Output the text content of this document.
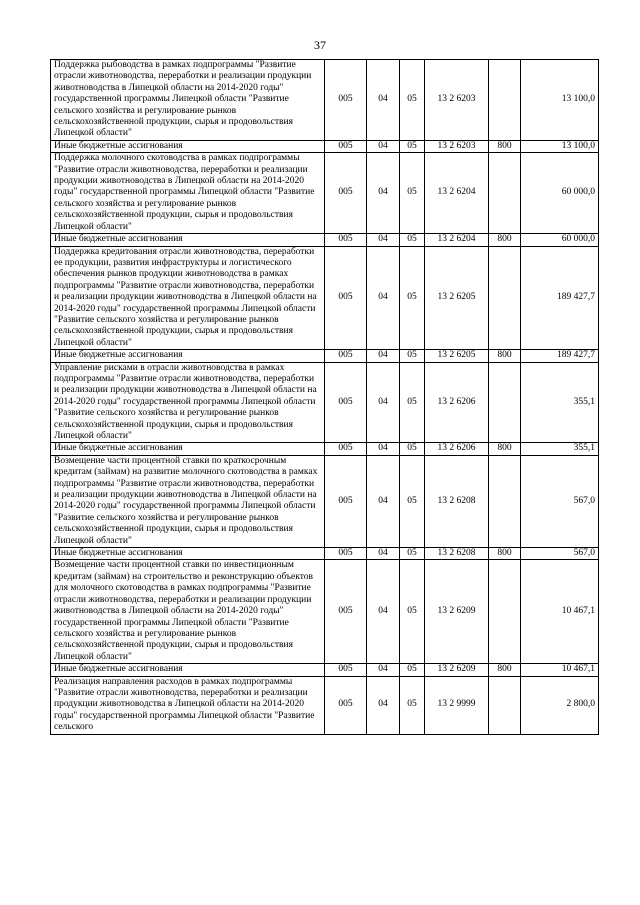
37
Поддержка рыбоводства в рамках подпрограммы "Развитие отрасли животноводства, переработки и реализации продукции животноводства в Липецкой области на 2014-2020 годы" государственной программы Липецкой области "Развитие сельского хозяйства и регулирование рынков сельскохозяйственной продукции, сырья и продовольствия Липецкой области"	005	04	05	13 2 6203		13 100,0
Иные бюджетные ассигнования	005	04	05	13 2 6203	800	13 100,0
Поддержка молочного скотоводства в рамках подпрограммы "Развитие отрасли животноводства, переработки и реализации продукции животноводства в Липецкой области на 2014-2020 годы" государственной программы Липецкой области "Развитие сельского хозяйства и регулирование рынков сельскохозяйственной продукции, сырья и продовольствия Липецкой области"	005	04	05	13 2 6204		60 000,0
Иные бюджетные ассигнования	005	04	05	13 2 6204	800	60 000,0
Поддержка кредитования отрасли животноводства, переработки ее продукции, развития инфраструктуры и логистического обеспечения рынков продукции животноводства в рамках подпрограммы "Развитие отрасли животноводства, переработки и реализации продукции животноводства в Липецкой области на 2014-2020 годы" государственной программы Липецкой области "Развитие сельского хозяйства и регулирование рынков сельскохозяйственной продукции, сырья и продовольствия Липецкой области"	005	04	05	13 2 6205		189 427,7
Иные бюджетные ассигнования	005	04	05	13 2 6205	800	189 427,7
Управление рисками в отрасли животноводства в рамках подпрограммы "Развитие отрасли животноводства, переработки и реализации продукции животноводства в Липецкой области на 2014-2020 годы" государственной программы Липецкой области "Развитие сельского хозяйства и регулирование рынков сельскохозяйственной продукции, сырья и продовольствия Липецкой области"	005	04	05	13 2 6206		355,1
Иные бюджетные ассигнования	005	04	05	13 2 6206	800	355,1
Возмещение части процентной ставки по краткосрочным кредитам (займам) на развитие молочного скотоводства в рамках подпрограммы "Развитие отрасли животноводства, переработки и реализации продукции животноводства в Липецкой области на 2014-2020 годы" государственной программы Липецкой области "Развитие сельского хозяйства и регулирование рынков сельскохозяйственной продукции, сырья и продовольствия Липецкой области"	005	04	05	13 2 6208		567,0
Иные бюджетные ассигнования	005	04	05	13 2 6208	800	567,0
Возмещение части процентной ставки по инвестиционным кредитам (займам) на строительство и реконструкцию объектов для молочного скотоводства в рамках подпрограммы "Развитие отрасли животноводства, переработки и реализации продукции животноводства в Липецкой области на 2014-2020 годы" государственной программы Липецкой области "Развитие сельского хозяйства и регулирование рынков сельскохозяйственной продукции, сырья и продовольствия Липецкой области"	005	04	05	13 2 6209		10 467,1
Иные бюджетные ассигнования	005	04	05	13 2 6209	800	10 467,1
Реализация направления расходов в рамках подпрограммы "Развитие отрасли животноводства, переработки и реализации продукции животноводства в Липецкой области на 2014-2020 годы" государственной программы Липецкой области "Развитие сельского	005	04	05	13 2 9999		2 800,0
